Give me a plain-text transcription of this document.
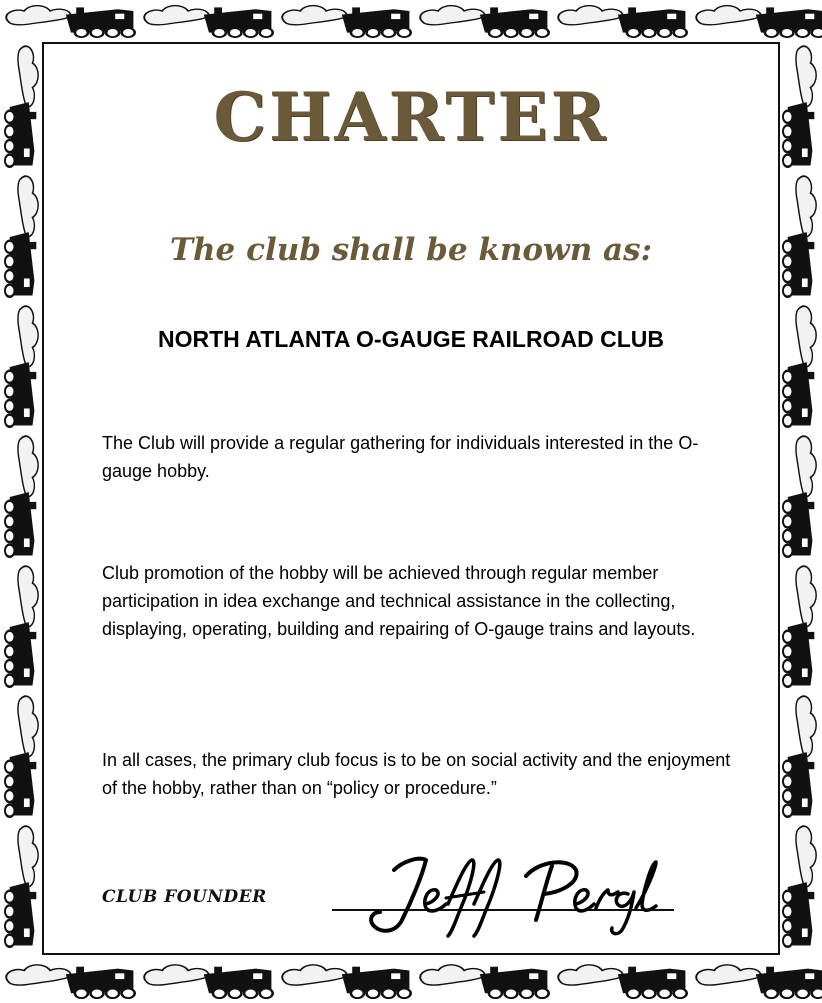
CHARTER
The club shall be known as:
NORTH ATLANTA O-GAUGE RAILROAD CLUB
The Club will provide a regular gathering for individuals interested in the O-gauge hobby.
Club promotion of the hobby will be achieved through regular member participation in idea exchange and technical assistance in the collecting, displaying, operating, building and repairing of O-gauge trains and layouts.
In all cases, the primary club focus is to be on social activity and the enjoyment of the hobby, rather than on “policy or procedure.”
CLUB FOUNDER
